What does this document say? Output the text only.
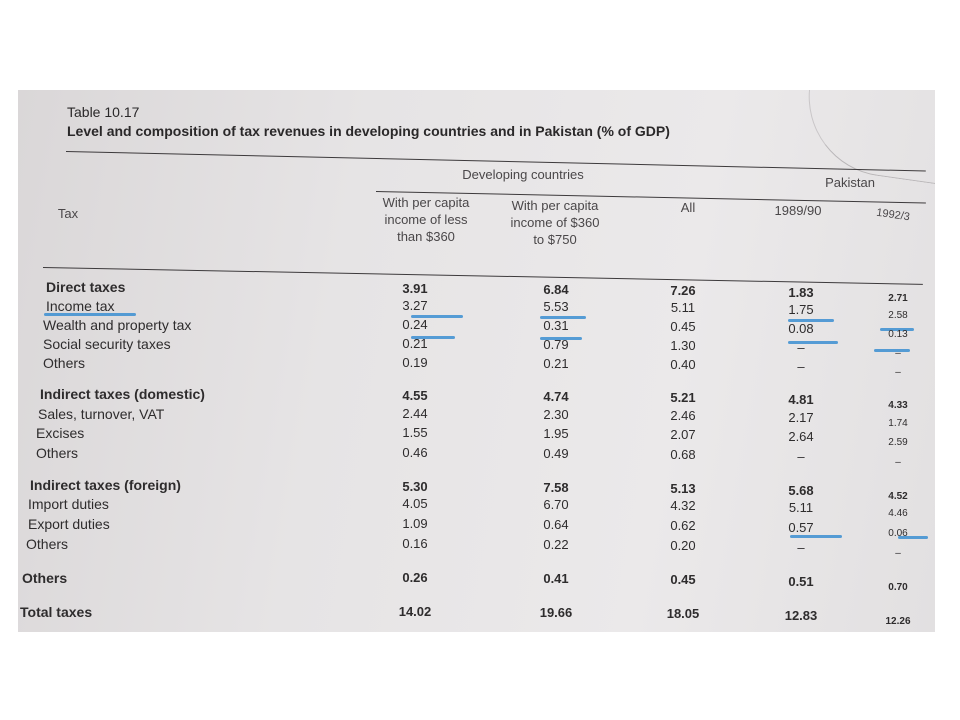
Table 10.17
Level and composition of tax revenues in developing countries and in Pakistan (% of GDP)
Developing countries
Pakistan
Tax
With per capita income of less than $360
With per capita income of $360 to $750
All	1989/90	1992/3
Direct taxes	3.91	6.84	7.26	1.83	2.71
Income tax	3.27	5.53	5.11	1.75	2.58
Wealth and property tax	0.24	0.31	0.45	0.08	0.13
Social security taxes	0.21	0.79	1.30	–	–
Others	0.19	0.21	0.40	–	–
Indirect taxes (domestic)	4.55	4.74	5.21	4.81	4.33
Sales, turnover, VAT	2.44	2.30	2.46	2.17	1.74
Excises	1.55	1.95	2.07	2.64	2.59
Others	0.46	0.49	0.68	–	–
Indirect taxes (foreign)	5.30	7.58	5.13	5.68	4.52
Import duties	4.05	6.70	4.32	5.11	4.46
Export duties	1.09	0.64	0.62	0.57	0.06
Others	0.16	0.22	0.20	–	–
Others	0.26	0.41	0.45	0.51	0.70
Total taxes	14.02	19.66	18.05	12.83	12.26
